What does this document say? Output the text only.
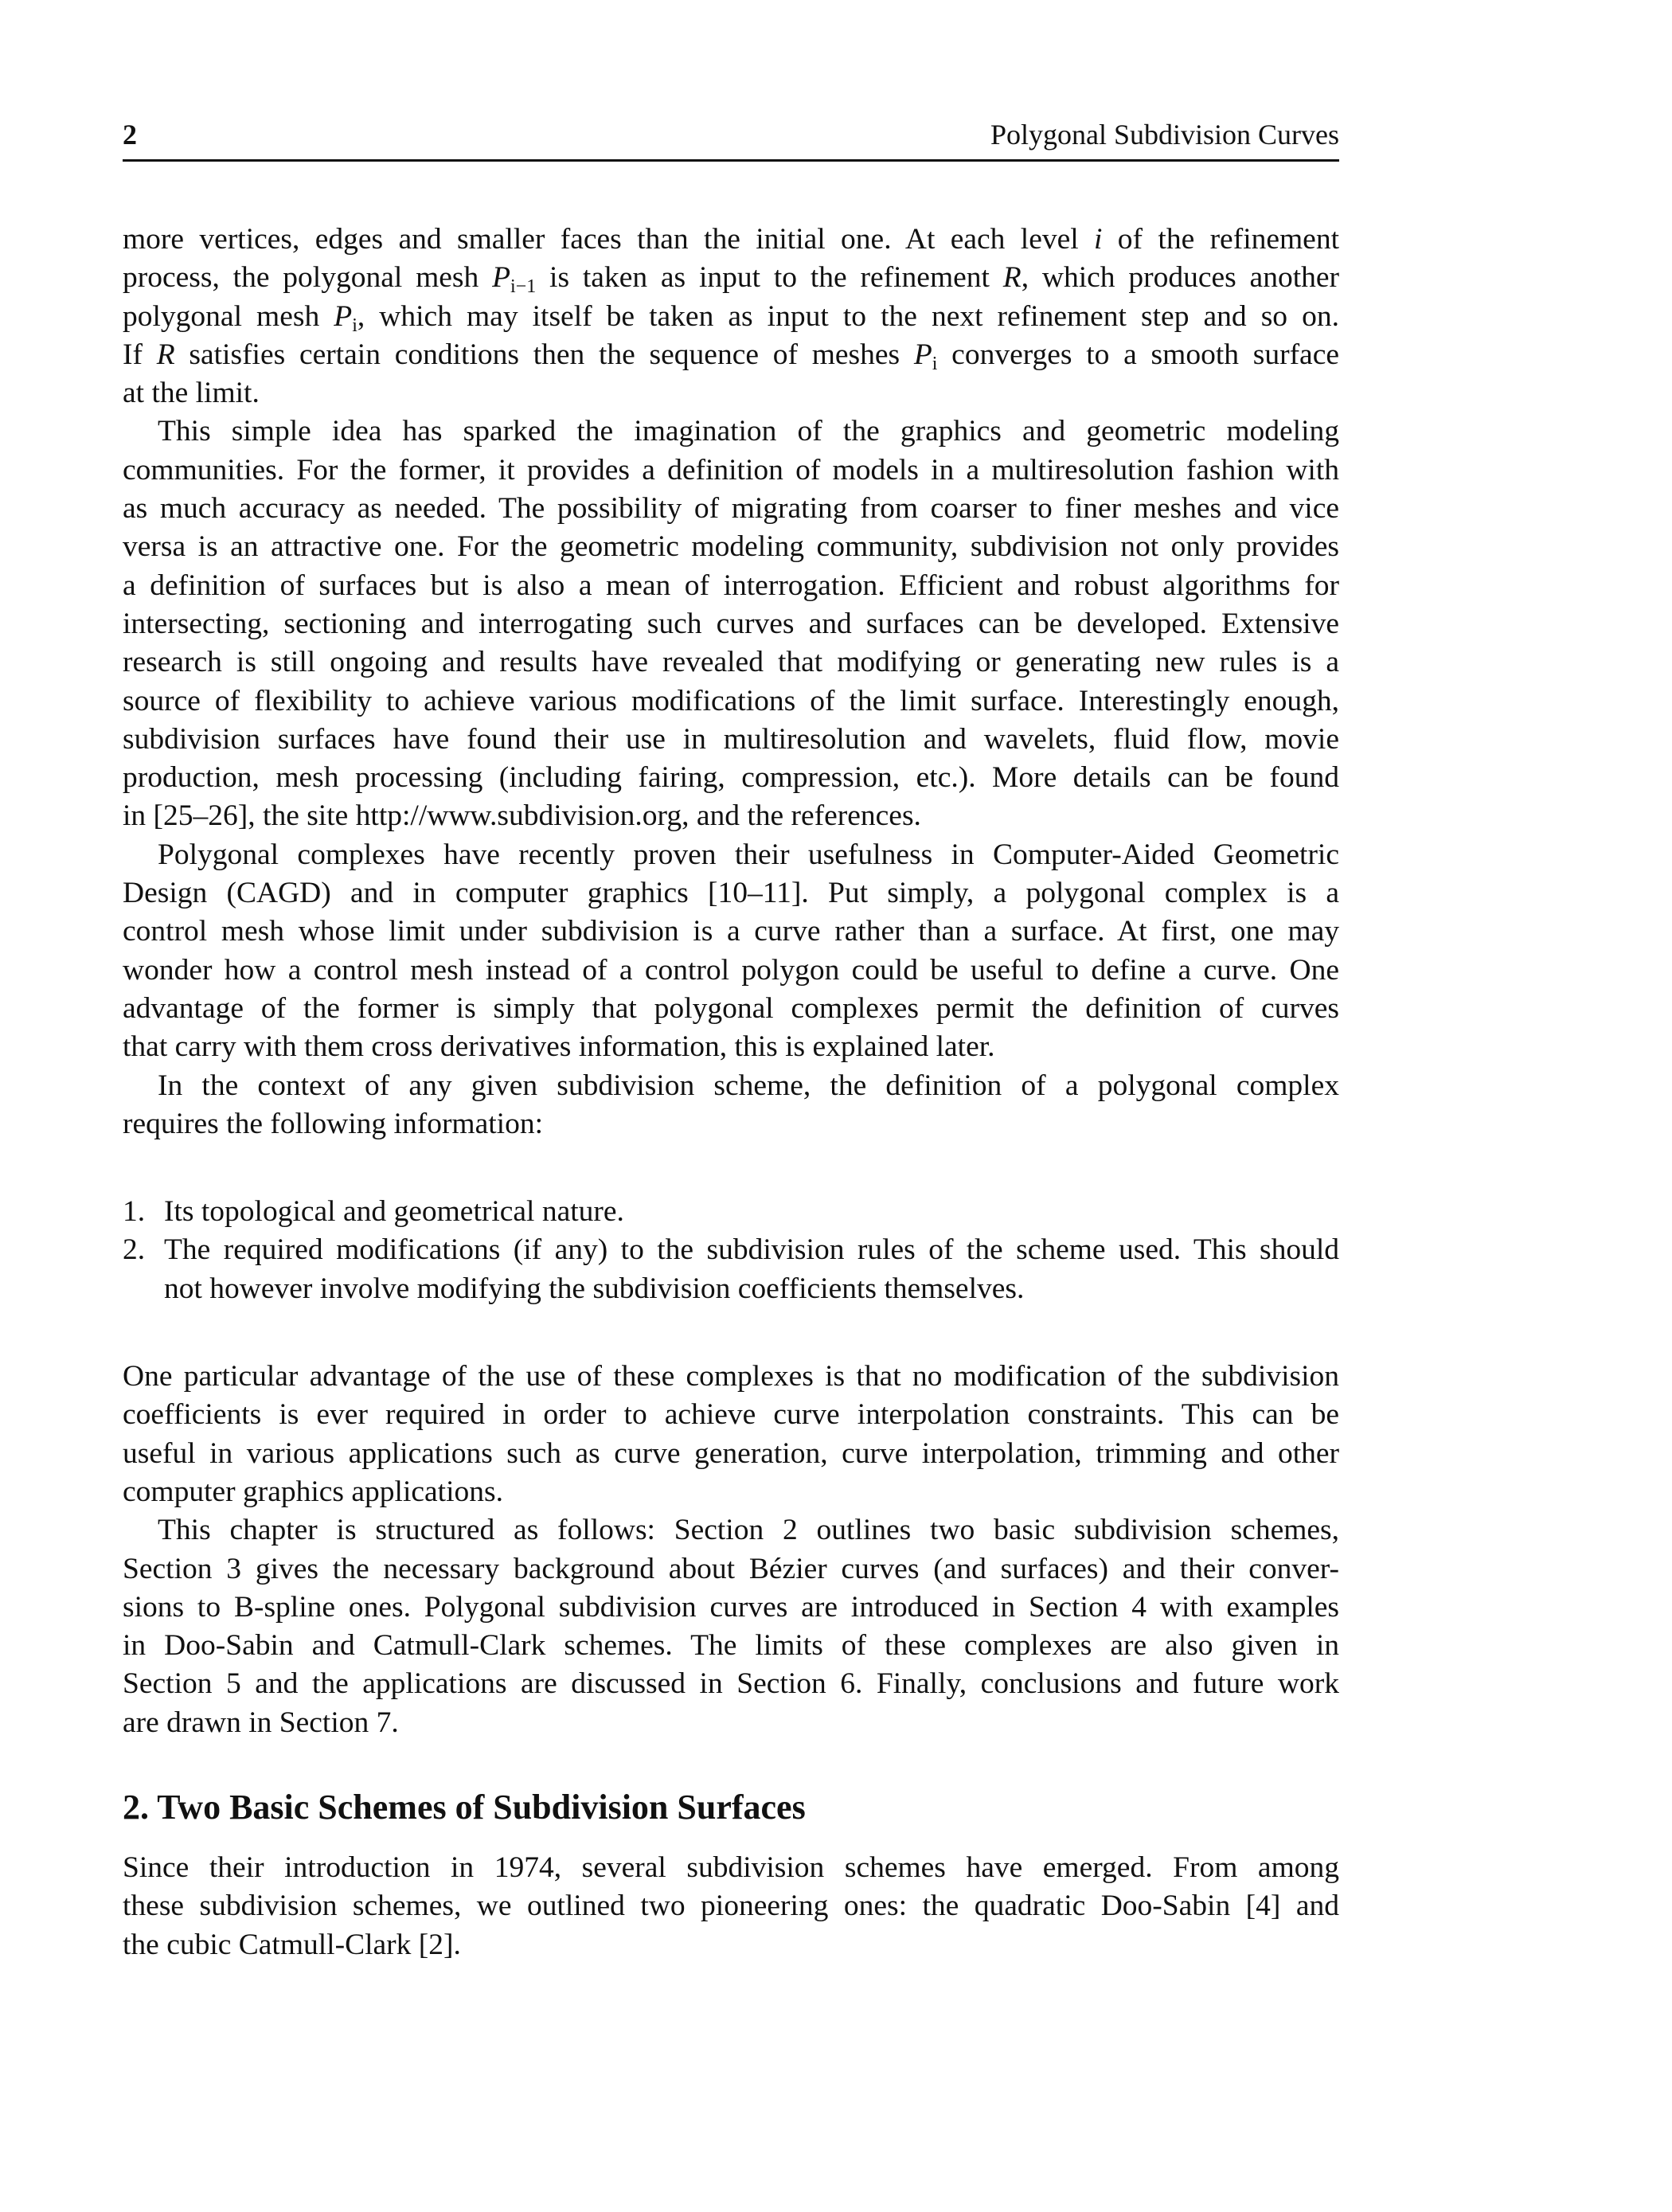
2	Polygonal Subdivision Curves
more vertices, edges and smaller faces than the initial one. At each level i of the refinement
process, the polygonal mesh $P_{i-1}$ is taken as input to the refinement R, which produces another
polygonal mesh $P_i$, which may itself be taken as input to the next refinement step and so on.
If R satisfies certain conditions then the sequence of meshes $P_i$ converges to a smooth surface
at the limit.
This simple idea has sparked the imagination of the graphics and geometric modeling
communities. For the former, it provides a definition of models in a multiresolution fashion with
as much accuracy as needed. The possibility of migrating from coarser to finer meshes and vice
versa is an attractive one. For the geometric modeling community, subdivision not only provides
a definition of surfaces but is also a mean of interrogation. Efficient and robust algorithms for
intersecting, sectioning and interrogating such curves and surfaces can be developed. Extensive
research is still ongoing and results have revealed that modifying or generating new rules is a
source of flexibility to achieve various modifications of the limit surface. Interestingly enough,
subdivision surfaces have found their use in multiresolution and wavelets, fluid flow, movie
production, mesh processing (including fairing, compression, etc.). More details can be found
in [25–26], the site http://www.subdivision.org, and the references.
Polygonal complexes have recently proven their usefulness in Computer-Aided Geometric
Design (CAGD) and in computer graphics [10–11]. Put simply, a polygonal complex is a
control mesh whose limit under subdivision is a curve rather than a surface. At first, one may
wonder how a control mesh instead of a control polygon could be useful to define a curve. One
advantage of the former is simply that polygonal complexes permit the definition of curves
that carry with them cross derivatives information, this is explained later.
In the context of any given subdivision scheme, the definition of a polygonal complex
requires the following information:
1. Its topological and geometrical nature.
2. The required modifications (if any) to the subdivision rules of the scheme used. This should
not however involve modifying the subdivision coefficients themselves.
One particular advantage of the use of these complexes is that no modification of the subdivision
coefficients is ever required in order to achieve curve interpolation constraints. This can be
useful in various applications such as curve generation, curve interpolation, trimming and other
computer graphics applications.
This chapter is structured as follows: Section 2 outlines two basic subdivision schemes,
Section 3 gives the necessary background about Bézier curves (and surfaces) and their conver-
sions to B-spline ones. Polygonal subdivision curves are introduced in Section 4 with examples
in Doo-Sabin and Catmull-Clark schemes. The limits of these complexes are also given in
Section 5 and the applications are discussed in Section 6. Finally, conclusions and future work
are drawn in Section 7.
2. Two Basic Schemes of Subdivision Surfaces
Since their introduction in 1974, several subdivision schemes have emerged. From among
these subdivision schemes, we outlined two pioneering ones: the quadratic Doo-Sabin [4] and
the cubic Catmull-Clark [2].
